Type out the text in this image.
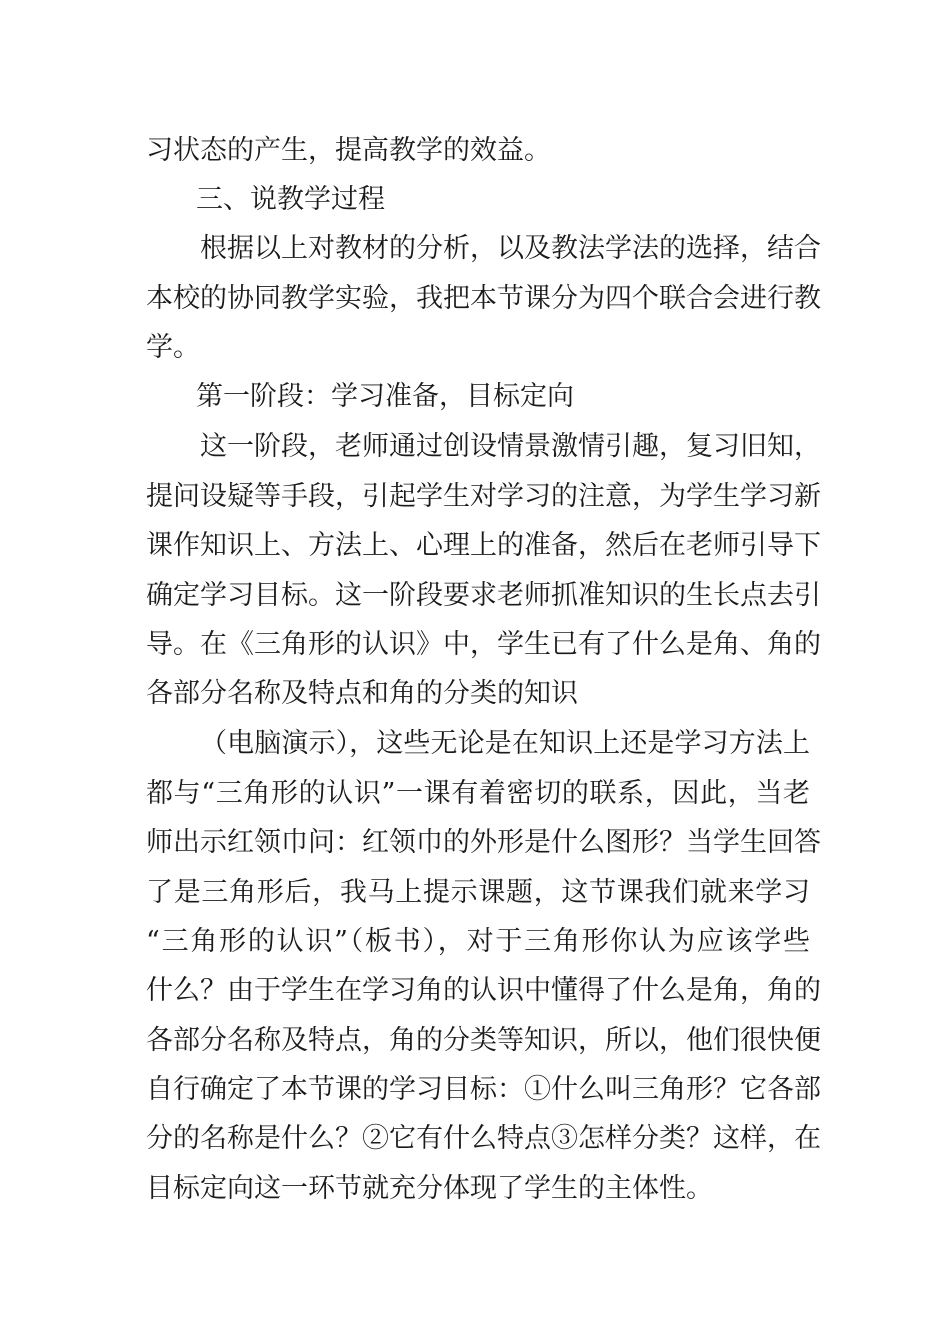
习状态的产生，提高教学的效益。
三、说教学过程
根据以上对教材的分析，以及教法学法的选择，结合
本校的协同教学实验，我把本节课分为四个联合会进行教
学。
第一阶段：学习准备，目标定向
这一阶段，老师通过创设情景激情引趣，复习旧知，
提问设疑等手段，引起学生对学习的注意，为学生学习新
课作知识上、方法上、心理上的准备，然后在老师引导下
确定学习目标。这一阶段要求老师抓准知识的生长点去引
导。在《三角形的认识》中，学生已有了什么是角、角的
各部分名称及特点和角的分类的知识
（电脑演示），这些无论是在知识上还是学习方法上
都与“三角形的认识”一课有着密切的联系，因此，当老
师出示红领巾问：红领巾的外形是什么图形？当学生回答
了是三角形后，我马上提示课题，这节课我们就来学习
“三角形的认识”（板书），对于三角形你认为应该学些
什么？由于学生在学习角的认识中懂得了什么是角，角的
各部分名称及特点，角的分类等知识，所以，他们很快便
自行确定了本节课的学习目标：①什么叫三角形？它各部
分的名称是什么？②它有什么特点③怎样分类？这样，在
目标定向这一环节就充分体现了学生的主体性。
